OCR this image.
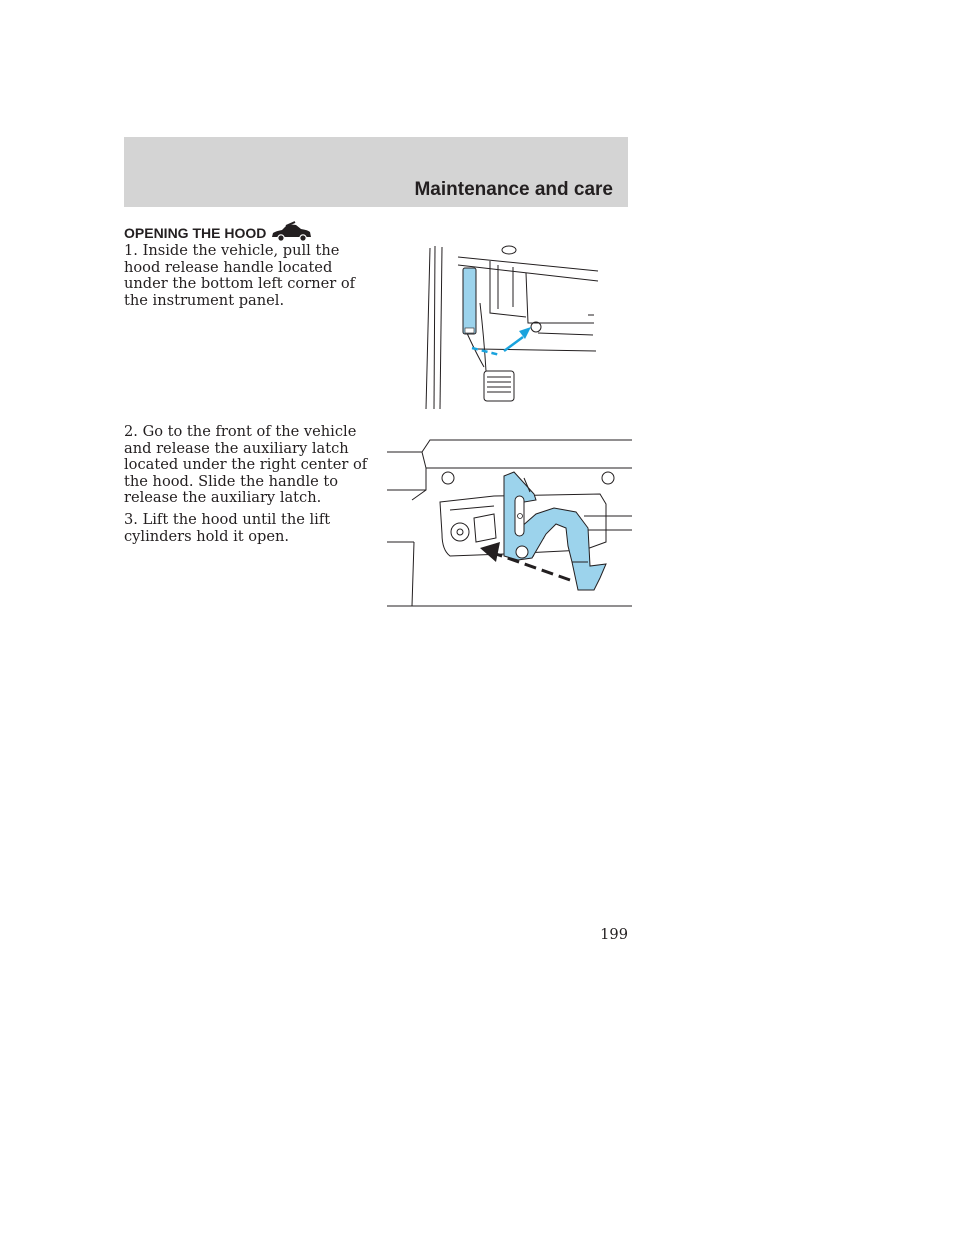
Maintenance and care
OPENING THE HOOD

1. Inside the vehicle, pull the hood release handle located under the bottom left corner of the instrument panel.

2. Go to the front of the vehicle and release the auxiliary latch located under the right center of the hood. Slide the handle to release the auxiliary latch.

3. Lift the hood until the lift cylinders hold it open.

199
